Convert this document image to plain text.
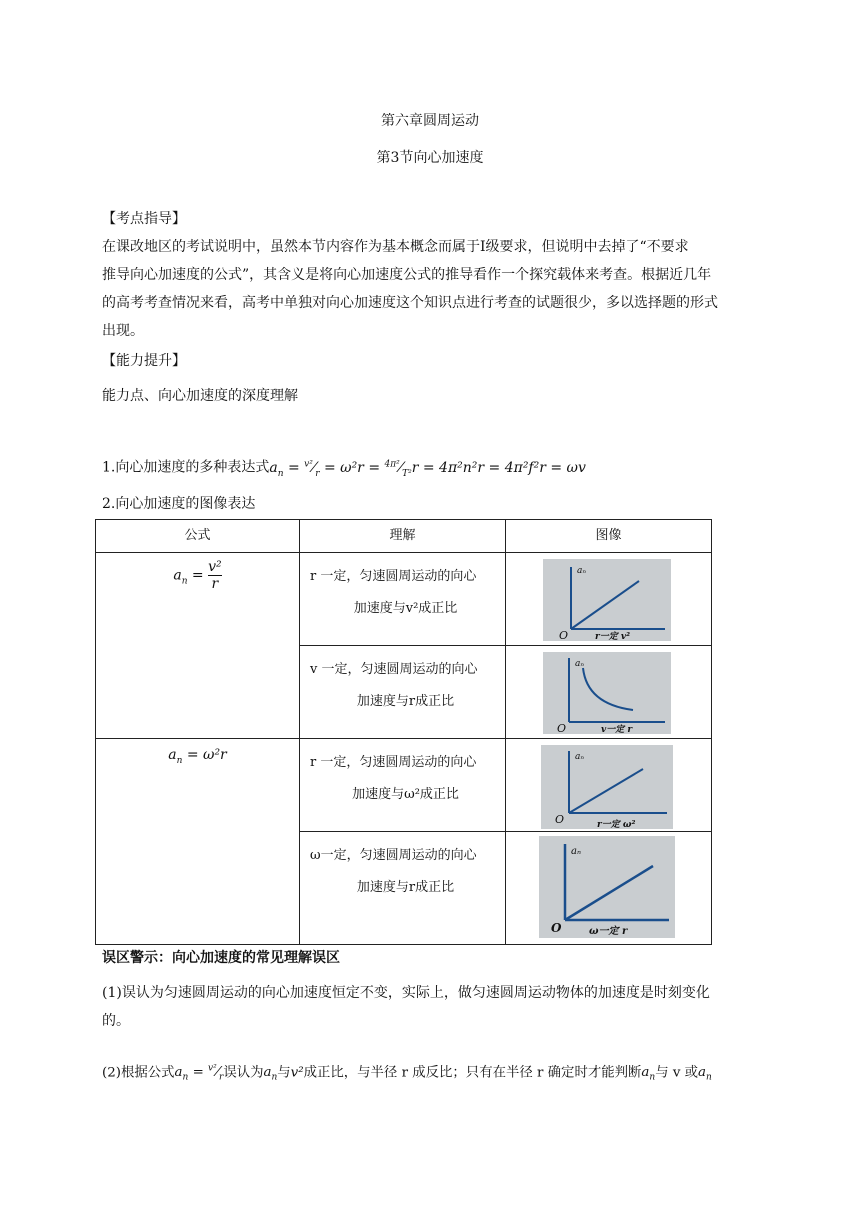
第六章圆周运动
第3节向心加速度
【考点指导】
在课改地区的考试说明中，虽然本节内容作为基本概念而属于Ⅰ级要求，但说明中去掉了“不要求
推导向心加速度的公式”，其含义是将向心加速度公式的推导看作一个探究载体来考查。根据近几年
的高考考查情况来看，高考中单独对向心加速度这个知识点进行考查的试题很少，多以选择题的形式
出现。
【能力提升】
能力点、向心加速度的深度理解
1.向心加速度的多种表达式$a_n$ = $^{v^2}⁄_r = \omega^2r$ = $^{4\pi^2}⁄_{T^2}r = 4\pi^2n^2r = 4\pi^2f^2r = \omega v$
2.向心加速度的图像表达
公式	理解	图像

$a_n = \frac{\text{v²}}{r}$	r 一定，匀速圆周运动的向心
加速度与v²成正比	aₙ
O r一定 v²

	v 一定，匀速圆周运动的向心
加速度与r成正比	aₙ
O v一定 r

$a_n = \omega^2r$	r 一定，匀速圆周运动的向心
加速度与ω²成正比	aₙ
O r一定 ω²

	ω一定，匀速圆周运动的向心
加速度与r成正比	aₙ
O ω一定 r
误区警示：向心加速度的常见理解误区
(1)误认为匀速圆周运动的向心加速度恒定不变，实际上，做匀速圆周运动物体的加速度是时刻变化
的。
(2)根据公式$a_n$ = $^{v^2}⁄_r$误认为$a_n$与v²成正比，与半径 r 成反比；只有在半径 r 确定时才能判断$a_n$与 v 或$a_n$
